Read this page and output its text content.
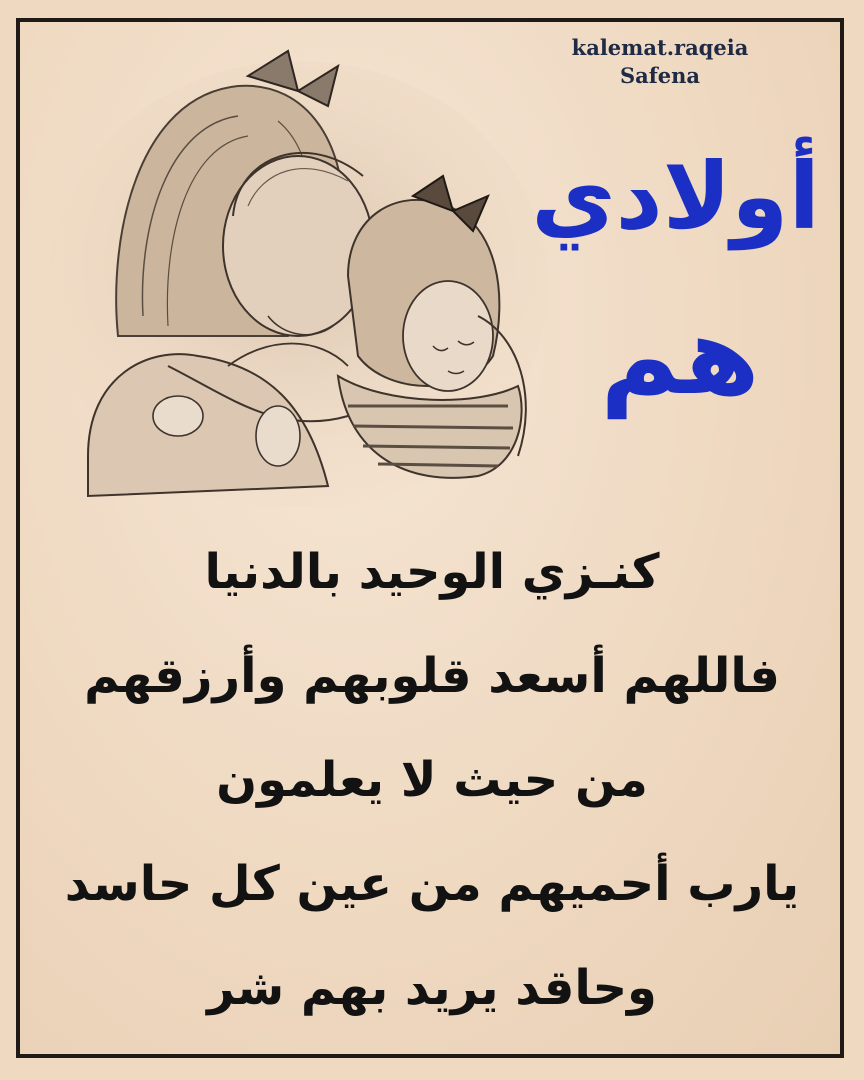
kalemat.raqeia
Safena
أولادي
هم
كنـزي الوحيد بالدنيا
فاللهم أسعد قلوبهم وأرزقهم
من حيث لا يعلمون
يارب أحميهم من عين كل حاسد
وحاقد يريد بهم شر
